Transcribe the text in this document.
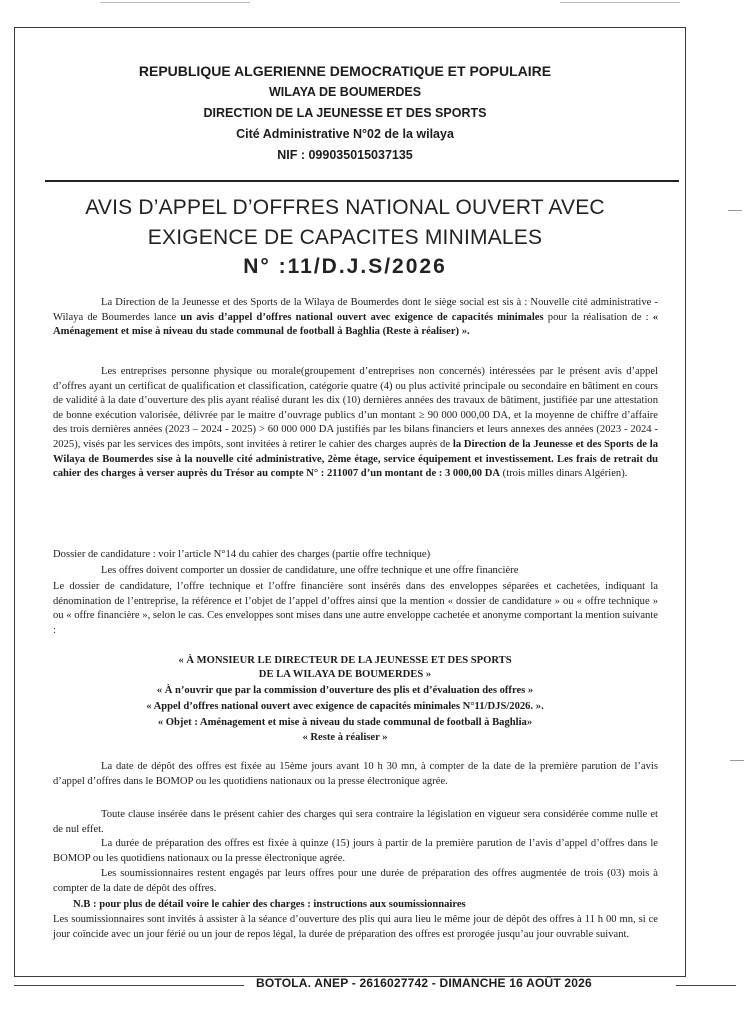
REPUBLIQUE ALGERIENNE DEMOCRATIQUE ET POPULAIRE
WILAYA DE BOUMERDES
DIRECTION DE LA JEUNESSE ET DES SPORTS
Cité Administrative N°02 de la wilaya
NIF : 099035015037135
AVIS D’APPEL D’OFFRES NATIONAL OUVERT AVEC
EXIGENCE DE CAPACITES MINIMALES
N° :11/D.J.S/2026

La Direction de la Jeunesse et des Sports de la Wilaya de Boumerdes dont le siège social est sis à : Nouvelle cité administrative - Wilaya de Boumerdes lance un avis d’appel d’offres national ouvert avec exigence de capacités minimales pour la réalisation de : « Aménagement et mise à niveau du stade communal de football à Baghlia (Reste à réaliser) ».

Les entreprises personne physique ou morale(groupement d’entreprises non concernés) intéressées par le présent avis d’appel d’offres ayant un certificat de qualification et classification, catégorie quatre (4) ou plus activité principale ou secondaire en bâtiment en cours de validité à la date d’ouverture des plis ayant réalisé durant les dix (10) dernières années des travaux de bâtiment, justifiée par une attestation de bonne exécution valorisée, délivrée par le maitre d’ouvrage publics d’un montant ≥ 90 000 000,00 DA, et la moyenne de chiffre d’affaire des trois dernières années (2023 – 2024 - 2025) > 60 000 000 DA justifiés par les bilans financiers et leurs annexes des années (2023 - 2024 - 2025), visés par les services des impôts, sont invitées à retirer le cahier des charges auprès de la Direction de la Jeunesse et des Sports de la Wilaya de Boumerdes sise à la nouvelle cité administrative, 2ème étage, service équipement et investissement. Les frais de retrait du cahier des charges à verser auprès du Trésor au compte N° : 211007 d’un montant de : 3 000,00 DA (trois milles dinars Algérien).

Dossier de candidature : voir l’article N°14 du cahier des charges (partie offre technique)

Les offres doivent comporter un dossier de candidature, une offre technique et une offre financière

Le dossier de candidature, l’offre technique et l’offre financière sont insérés dans des enveloppes séparées et cachetées, indiquant la dénomination de l’entreprise, la référence et l’objet de l’appel d’offres ainsi que la mention « dossier de candidature » ou « offre technique » ou « offre financière », selon le cas. Ces enveloppes sont mises dans une autre enveloppe cachetée et anonyme comportant la mention suivante :

« À MONSIEUR LE DIRECTEUR DE LA JEUNESSE ET DES SPORTS
DE LA WILAYA DE BOUMERDES »
« À n’ouvrir que par la commission d’ouverture des plis et d’évaluation des offres »
« Appel d’offres national ouvert avec exigence de capacités minimales N°11/DJS/2026. ».
« Objet : Aménagement et mise à niveau du stade communal de football à Baghlia»
« Reste à réaliser »

La date de dépôt des offres est fixée au 15ème jours avant 10 h 30 mn, à compter de la date de la première parution de l’avis d’appel d’offres dans le BOMOP ou les quotidiens nationaux ou la presse électronique agrée.

Toute clause insérée dans le présent cahier des charges qui sera contraire la législation en vigueur sera considérée comme nulle et de nul effet.

La durée de préparation des offres est fixée à quinze (15) jours à partir de la première parution de l’avis d’appel d’offres dans le BOMOP ou les quotidiens nationaux ou la presse électronique agrée.

Les soumissionnaires restent engagés par leurs offres pour une durée de préparation des offres augmentée de trois (03) mois à compter de la date de dépôt des offres.

N.B : pour plus de détail voire le cahier des charges : instructions aux soumissionnaires

Les soumissionnaires sont invités à assister à la séance d’ouverture des plis qui aura lieu le même jour de dépôt des offres à 11 h 00 mn, si ce jour coïncide avec un jour férié ou un jour de repos légal, la durée de préparation des offres est prorogée jusqu’au jour ouvrable suivant.

BOTOLA. ANEP - 2616027742 - DIMANCHE 16 AOÛT 2026
